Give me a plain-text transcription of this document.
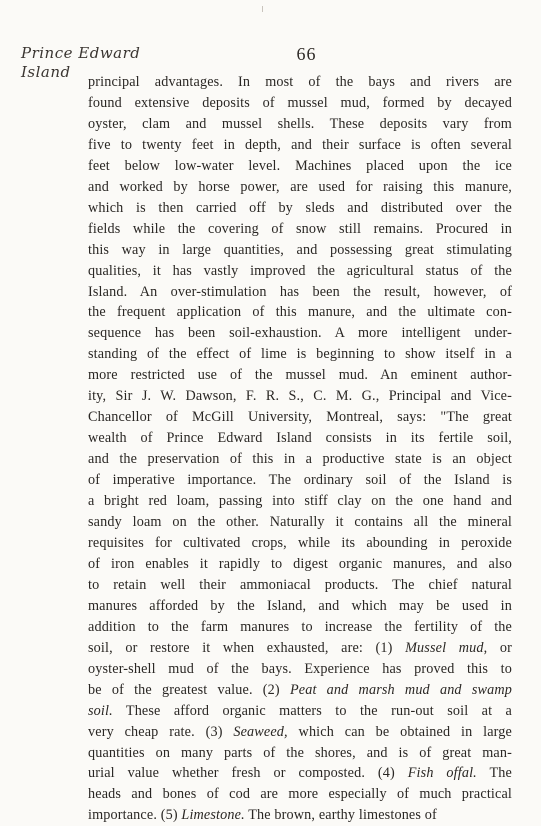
Prince Edward
Island
66
principal advantages. In most of the bays and rivers are
found extensive deposits of mussel mud, formed by decayed
oyster, clam and mussel shells. These deposits vary from
five to twenty feet in depth, and their surface is often several
feet below low-water level. Machines placed upon the ice
and worked by horse power, are used for raising this manure,
which is then carried off by sleds and distributed over the
fields while the covering of snow still remains. Procured in
this way in large quantities, and possessing great stimulating
qualities, it has vastly improved the agricultural status of the
Island. An over-stimulation has been the result, however, of
the frequent application of this manure, and the ultimate con-
sequence has been soil-exhaustion. A more intelligent under-
standing of the effect of lime is beginning to show itself in a
more restricted use of the mussel mud. An eminent author-
ity, Sir J. W. Dawson, F. R. S., C. M. G., Principal and Vice-
Chancellor of McGill University, Montreal, says: "The great
wealth of Prince Edward Island consists in its fertile soil,
and the preservation of this in a productive state is an object
of imperative importance. The ordinary soil of the Island is
a bright red loam, passing into stiff clay on the one hand and
sandy loam on the other. Naturally it contains all the mineral
requisites for cultivated crops, while its abounding in peroxide
of iron enables it rapidly to digest organic manures, and also
to retain well their ammoniacal products. The chief natural
manures afforded by the Island, and which may be used in
addition to the farm manures to increase the fertility of the
soil, or restore it when exhausted, are: (1) Mussel mud, or
oyster-shell mud of the bays. Experience has proved this to
be of the greatest value. (2) Peat and marsh mud and swamp
soil. These afford organic matters to the run-out soil at a
very cheap rate. (3) Seaweed, which can be obtained in large
quantities on many parts of the shores, and is of great man-
urial value whether fresh or composted. (4) Fish offal. The
heads and bones of cod are more especially of much practical
importance. (5) Limestone. The brown, earthy limestones of
